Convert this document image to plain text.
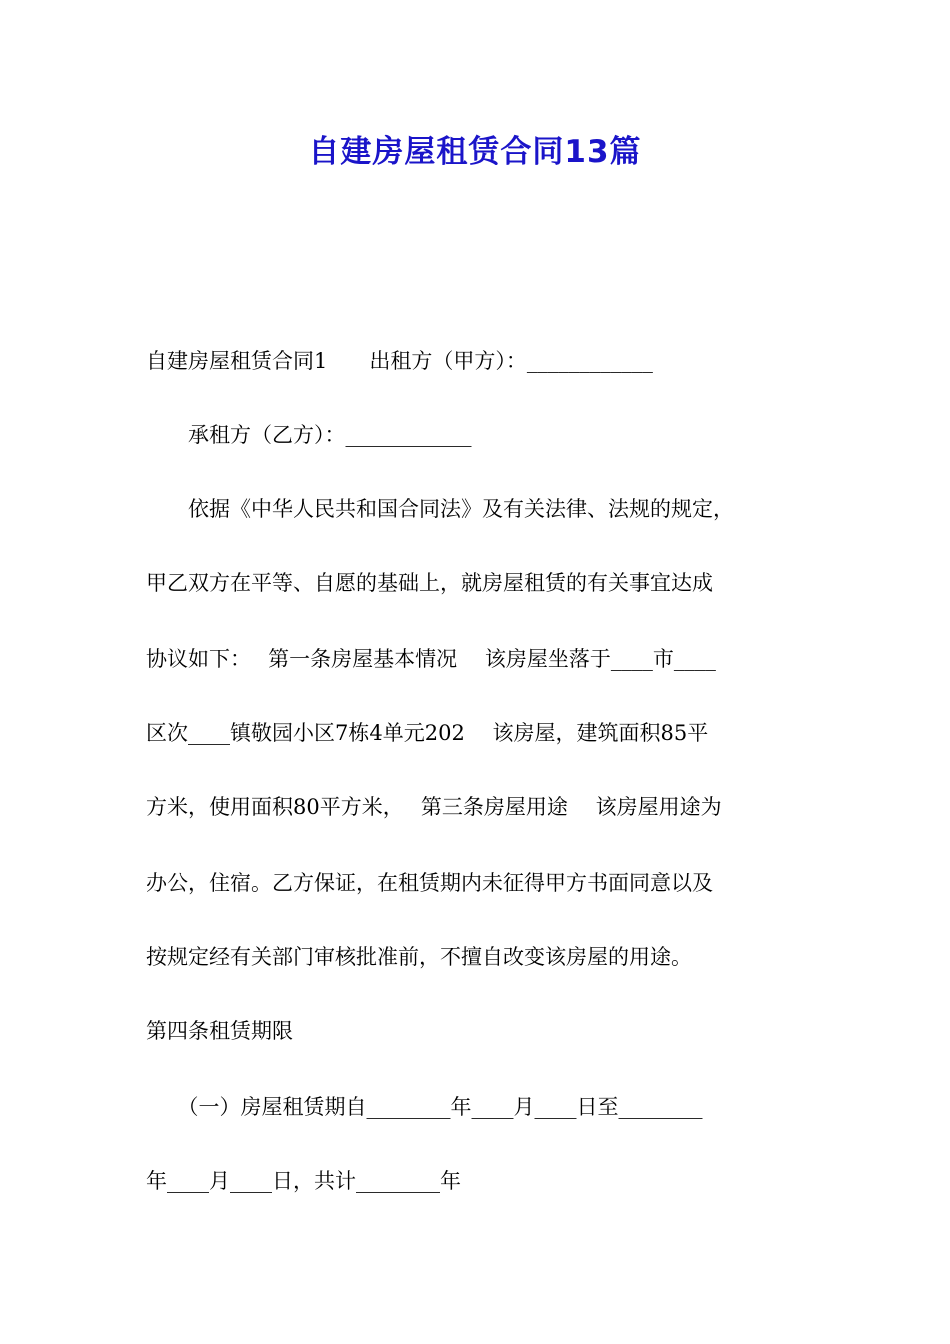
自建房屋租赁合同13篇
自建房屋租赁合同1　　出租方（甲方）：____________
　　承租方（乙方）：____________
　　依据《中华人民共和国合同法》及有关法律、法规的规定，
甲乙双方在平等、自愿的基础上，就房屋租赁的有关事宜达成
协议如下：　 第一条房屋基本情况　 该房屋坐落于____市____
区次____镇敬园小区7栋4单元202　 该房屋，建筑面积85平
方米，使用面积80平方米，　 第三条房屋用途　 该房屋用途为
办公，住宿。乙方保证，在租赁期内未征得甲方书面同意以及
按规定经有关部门审核批准前，不擅自改变该房屋的用途。
第四条租赁期限
　　（一）房屋租赁期自________年____月____日至________
年____月____日，共计________年
